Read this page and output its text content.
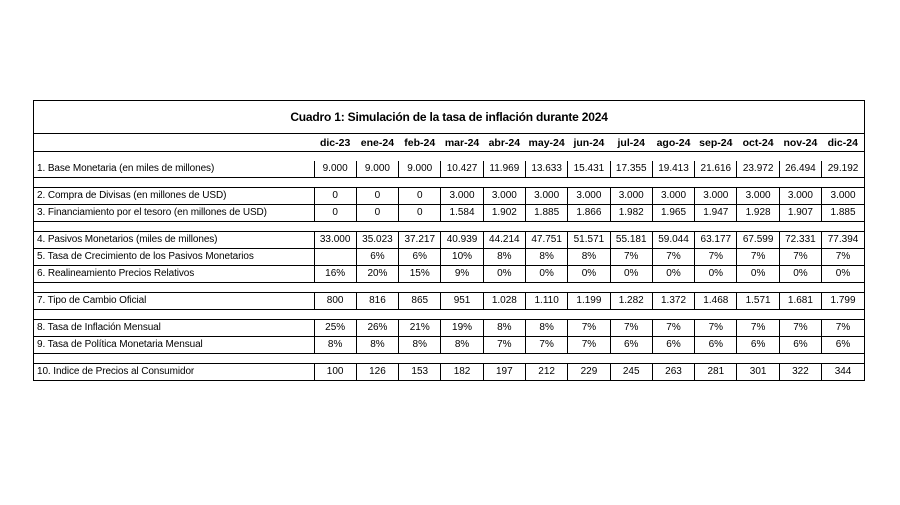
Cuadro 1: Simulación de la tasa de inflación durante 2024
	dic-23	ene-24	feb-24	mar-24	abr-24	may-24	jun-24	jul-24	ago-24	sep-24	oct-24	nov-24	dic-24

1. Base Monetaria (en miles de millones)	9.000	9.000	9.000	10.427	11.969	13.633	15.431	17.355	19.413	21.616	23.972	26.494	29.192

2. Compra de Divisas (en millones de USD)	0	0	0	3.000	3.000	3.000	3.000	3.000	3.000	3.000	3.000	3.000	3.000
3. Financiamiento por el tesoro (en millones de USD)	0	0	0	1.584	1.902	1.885	1.866	1.982	1.965	1.947	1.928	1.907	1.885

4. Pasivos Monetarios (miles de millones)	33.000	35.023	37.217	40.939	44.214	47.751	51.571	55.181	59.044	63.177	67.599	72.331	77.394
5. Tasa de Crecimiento de los Pasivos Monetarios		6%	6%	10%	8%	8%	8%	7%	7%	7%	7%	7%	7%
6. Realineamiento Precios Relativos	16%	20%	15%	9%	0%	0%	0%	0%	0%	0%	0%	0%	0%

7. Tipo de Cambio Oficial	800	816	865	951	1.028	1.110	1.199	1.282	1.372	1.468	1.571	1.681	1.799

8. Tasa de Inflación Mensual	25%	26%	21%	19%	8%	8%	7%	7%	7%	7%	7%	7%	7%
9. Tasa de Política Monetaria Mensual	8%	8%	8%	8%	7%	7%	7%	6%	6%	6%	6%	6%	6%

10. Indice de Precios al Consumidor	100	126	153	182	197	212	229	245	263	281	301	322	344
